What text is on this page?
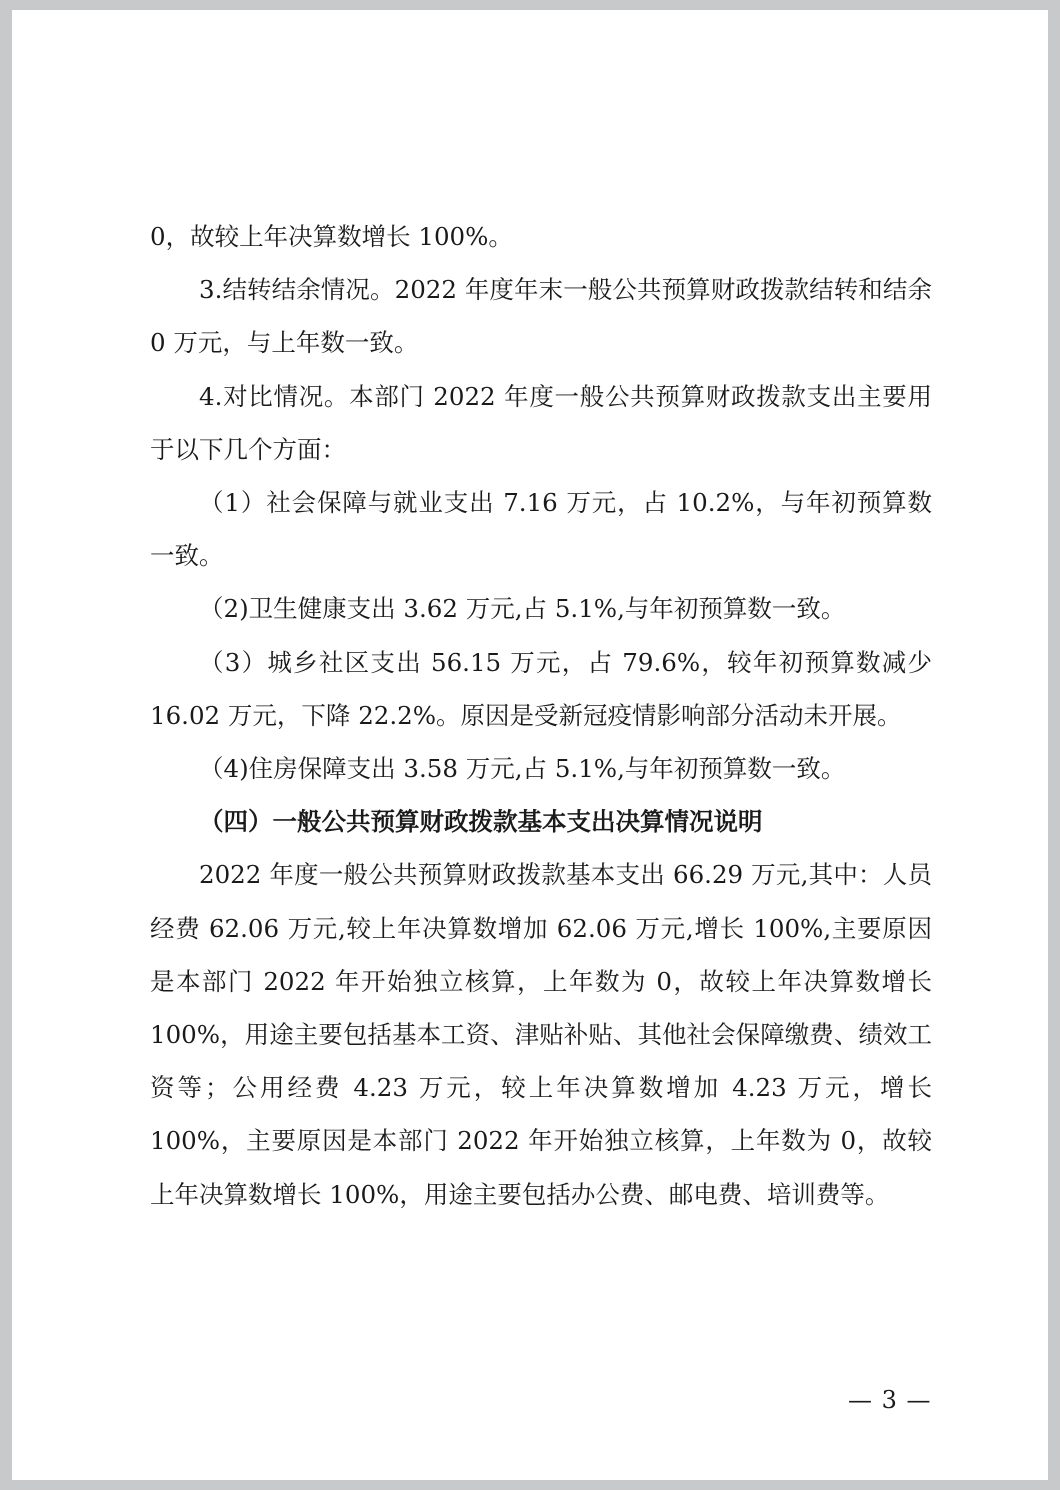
0，故较上年决算数增长 100%。

3.结转结余情况。2022 年度年末一般公共预算财政拨款结转和结余 0 万元，与上年数一致。

4.对比情况。本部门 2022 年度一般公共预算财政拨款支出主要用于以下几个方面：

（1）社会保障与就业支出 7.16 万元，占 10.2%，与年初预算数一致。

（2)卫生健康支出 3.62 万元,占 5.1%,与年初预算数一致。

（3）城乡社区支出 56.15 万元，占 79.6%，较年初预算数减少 16.02 万元，下降 22.2%。原因是受新冠疫情影响部分活动未开展。

（4)住房保障支出 3.58 万元,占 5.1%,与年初预算数一致。

（四）一般公共预算财政拨款基本支出决算情况说明

2022 年度一般公共预算财政拨款基本支出 66.29 万元,其中：人员经费 62.06 万元,较上年决算数增加 62.06 万元,增长 100%,主要原因是本部门 2022 年开始独立核算，上年数为 0，故较上年决算数增长 100%，用途主要包括基本工资、津贴补贴、其他社会保障缴费、绩效工资等；公用经费 4.23 万元，较上年决算数增加 4.23 万元，增长 100%，主要原因是本部门 2022 年开始独立核算，上年数为 0，故较上年决算数增长 100%，用途主要包括办公费、邮电费、培训费等。

— 3 —
